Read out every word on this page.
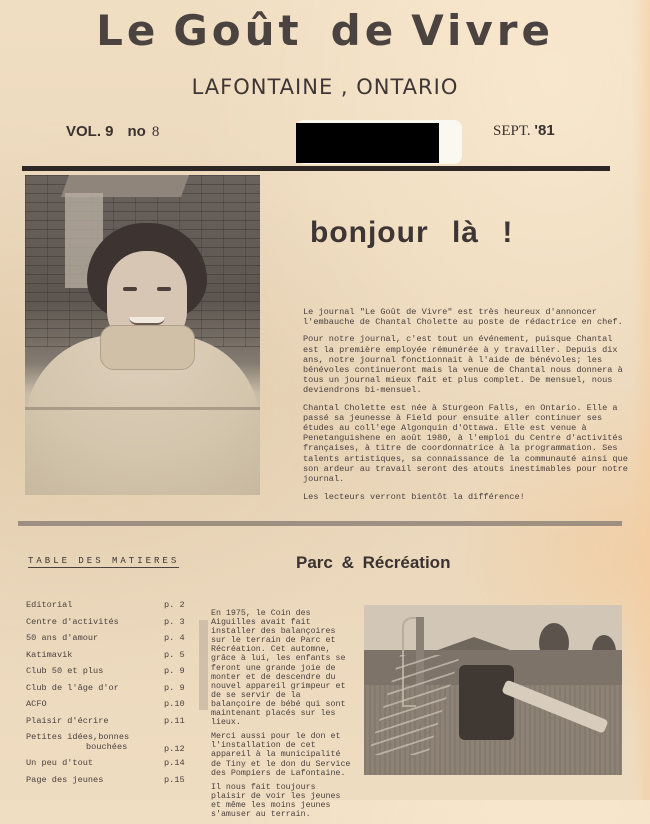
Le Goût de Vivre
LAFONTAINE , ONTARIO
VOL. 9 no 8	SEPT. '81
bonjour là !

Le journal "Le Goût de Vivre" est très heureux d'annoncer l'embauche de Chantal Cholette au poste de rédactrice en chef.

Pour notre journal, c'est tout un événement, puisque Chantal est la première employée rémunérée à y travailler. Depuis dix ans, notre journal fonctionnait à l'aide de bénévoles; les bénévoles continueront mais la venue de Chantal nous donnera à tous un journal mieux fait et plus complet. De mensuel, nous deviendrons bi-mensuel.

Chantal Cholette est née à Sturgeon Falls, en Ontario. Elle a passé sa jeunesse à Field pour ensuite aller continuer ses études au coll'ege Algonquin d'Ottawa. Elle est venue à Penetanguishene en août 1980, à l'emploi du Centre d'activités françaises, à titre de coordonnatrice à la programmation. Ses talents artistiques, sa connaissance de la communauté ainsi que son ardeur au travail seront des atouts inestimables pour notre journal.

Les lecteurs verront bientôt la différence!

TABLE DES MATIERES
Editorial	p. 2
Centre d'activités	p. 3
50 ans d'amour	p. 4
Katimavik	p. 5
Club 50 et plus	p. 9
Club de l'âge d'or	p. 9
ACFO	p.10
Plaisir d'écrire	p.11
Petites idées,bonnes
bouchées	p.12
Un peu d'tout	p.14
Page des jeunes	p.15
Parc & Récréation

En 1975, le Coin des Aiguilles avait fait installer des balançoires sur le terrain de Parc et Récréation. Cet automne, grâce à lui, les enfants se feront une grande joie de monter et de descendre du nouvel appareil grimpeur et de se servir de la balançoire de bébé qui sont maintenant placés sur les lieux.

Merci aussi pour le don et l'installation de cet appareil à la municipalité de Tiny et le don du Service des Pompiers de Lafontaine.

Il nous fait toujours plaisir de voir les jeunes et même les moins jeunes s'amuser au terrain.
